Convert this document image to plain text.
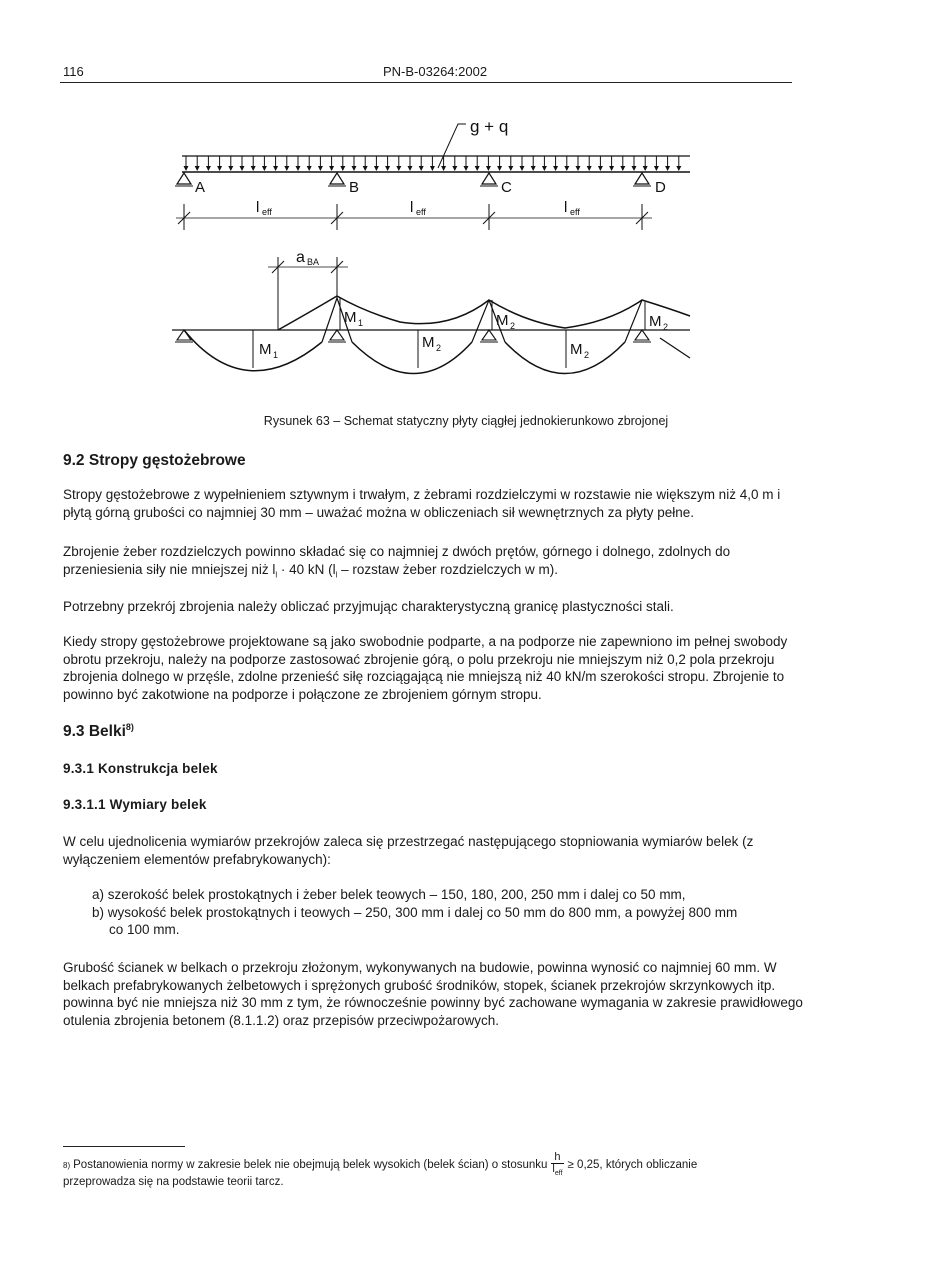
116	PN-B-03264:2002
g + q
A	B	C	D
l eff	l eff	l eff
a BA
M 1
M 2	M 2
M 1	M 2	M 2
Rysunek 63 – Schemat statyczny płyty ciągłej jednokierunkowo zbrojonej
9.2 Stropy gęstożebrowe

Stropy gęstożebrowe z wypełnieniem sztywnym i trwałym, z żebrami rozdzielczymi w rozstawie nie większym niż 4,0 m i płytą górną grubości co najmniej 30 mm – uważać można w obliczeniach sił wewnętrznych za płyty pełne.

Zbrojenie żeber rozdzielczych powinno składać się co najmniej z dwóch prętów, górnego i dolnego, zdolnych do przeniesienia siły nie mniejszej niż $l_l \cdot 40$ kN ($l_l$ – rozstaw żeber rozdzielczych w m).

Potrzebny przekrój zbrojenia należy obliczać przyjmując charakterystyczną granicę plastyczności stali.

Kiedy stropy gęstożebrowe projektowane są jako swobodnie podparte, a na podporze nie zapewniono im pełnej swobody obrotu przekroju, należy na podporze zastosować zbrojenie górą, o polu przekroju nie mniejszym niż 0,2 pola przekroju zbrojenia dolnego w przęśle, zdolne przenieść siłę rozciągającą nie mniejszą niż 40 kN/m szerokości stropu. Zbrojenie to powinno być zakotwione na podporze i połączone ze zbrojeniem górnym stropu.

9.3 Belki$^{8)}$
9.3.1 Konstrukcja belek
9.3.1.1 Wymiary belek

W celu ujednolicenia wymiarów przekrojów zaleca się przestrzegać następującego stopniowania wymiarów belek (z wyłączeniem elementów prefabrykowanych):

a) szerokość belek prostokątnych i żeber belek teowych – 150, 180, 200, 250 mm i dalej co 50 mm,
b) wysokość belek prostokątnych i teowych – 250, 300 mm i dalej co 50 mm do 800 mm, a powyżej 800 mm
co 100 mm.

Grubość ścianek w belkach o przekroju złożonym, wykonywanych na budowie, powinna wynosić co najmniej 60 mm. W belkach prefabrykowanych żelbetowych i sprężonych grubość środników, stopek, ścianek przekrojów skrzynkowych itp. powinna być nie mniejsza niż 30 mm z tym, że równocześnie powinny być zachowane wymagania w zakresie prawidłowego otulenia zbrojenia betonem (8.1.1.2) oraz przepisów przeciwpożarowych.

8) Postanowienia normy w zakresie belek nie obejmują belek wysokich (belek ścian) o stosunku
h
$l_{eff}$
≥ 0,25, których obliczanie
przeprowadza się na podstawie teorii tarcz.
